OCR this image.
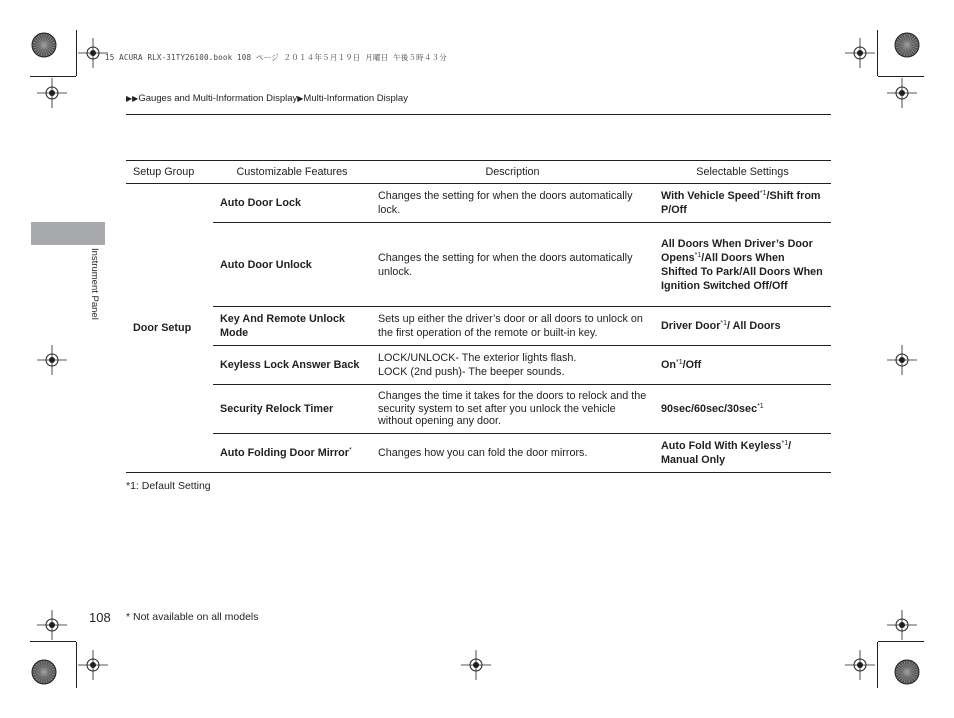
15 ACURA RLX-31TY26100.book 108 ページ ２０１４年５月１９日 月曜日 午後５時４３分
▶▶Gauges and Multi-Information Display▶Multi-Information Display
Instrument Panel
Setup Group	Customizable Features	Description	Selectable Settings
Door Setup	Auto Door Lock	Changes the setting for when the doors automatically lock.	With Vehicle Speed$^{*1}$/Shift from P/Off
	Auto Door Unlock	Changes the setting for when the doors automatically unlock.	All Doors When Driver’s Door Opens$^{*1}$/All Doors When Shifted To Park/All Doors When Ignition Switched Off/Off
	Key And Remote Unlock Mode	Sets up either the driver’s door or all doors to unlock on the first operation of the remote or built-in key.	Driver Door$^{*1}$/ All Doors
	Keyless Lock Answer Back	LOCK/UNLOCK- The exterior lights flash.
LOCK (2nd push)- The beeper sounds.	On$^{*1}$/Off
	Security Relock Timer	Changes the time it takes for the doors to relock and the security system to set after you unlock the vehicle without opening any door.	$90\sec/60\sec/30\sec^{*1}$
	Auto Folding Door Mirror*	Changes how you can fold the door mirrors.	Auto Fold With Keyless$^{*1}$/ Manual Only
*1: Default Setting
108 * Not available on all models
